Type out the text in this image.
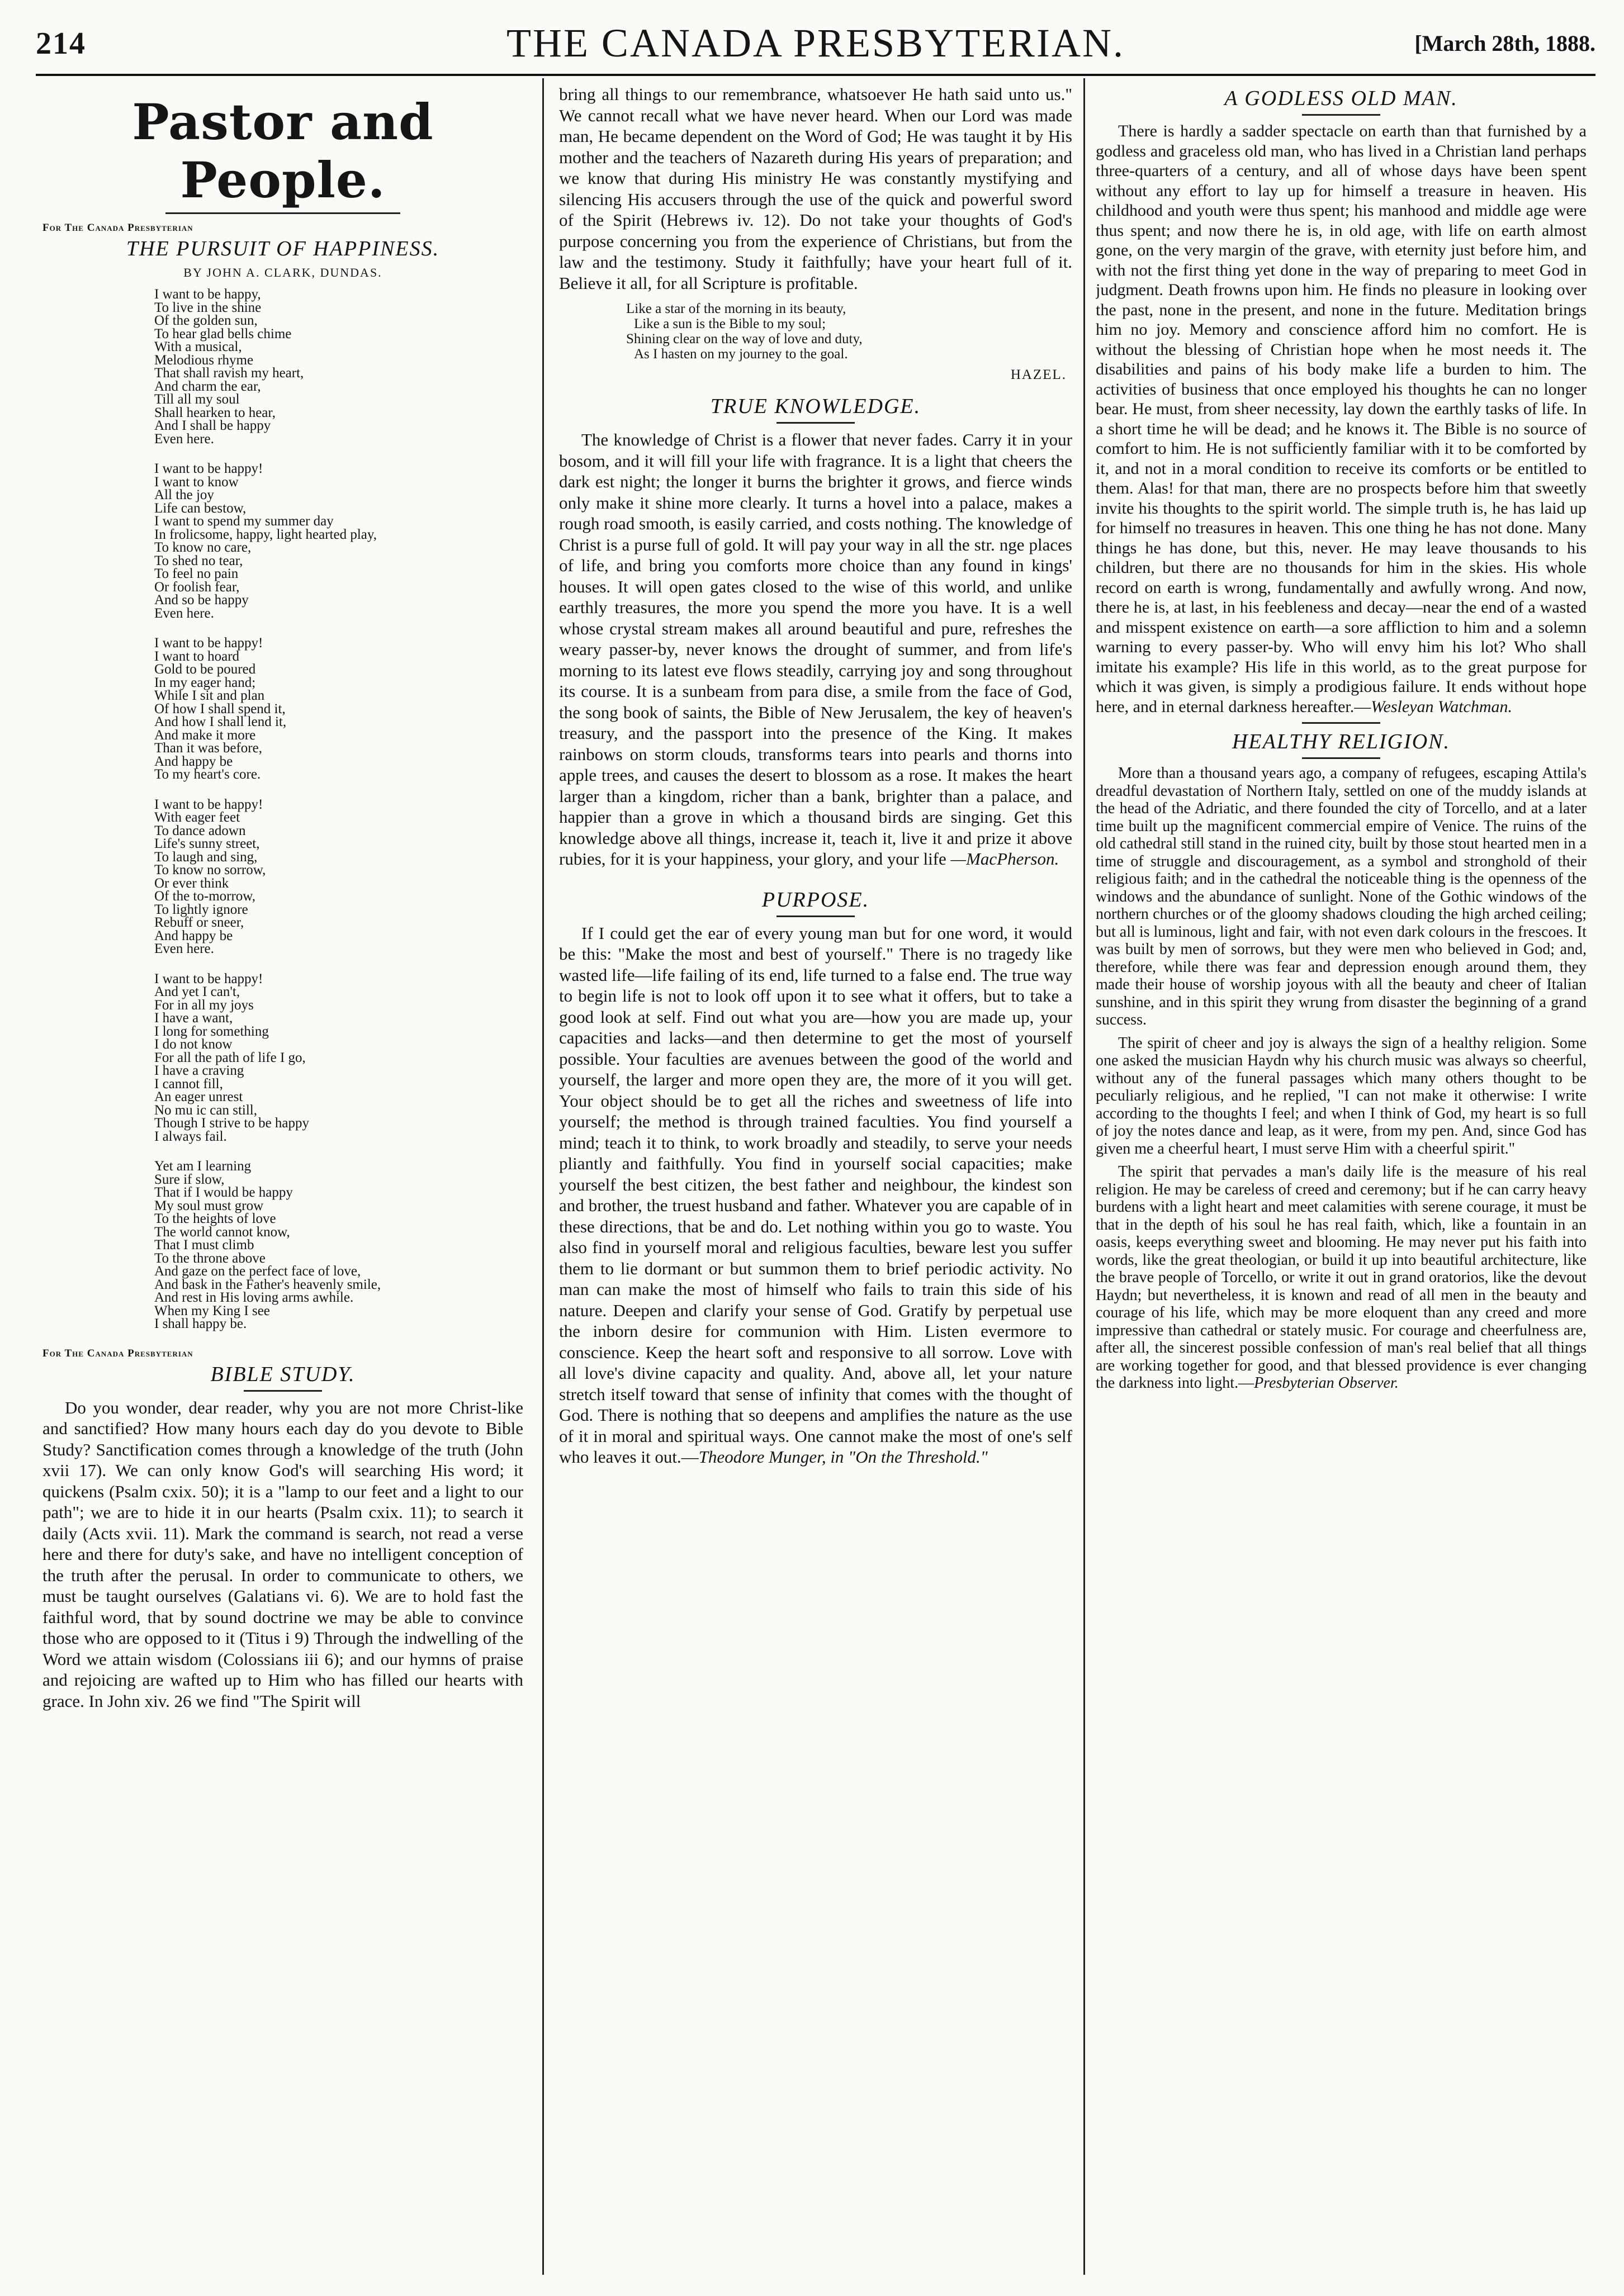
214	THE CANADA PRESBYTERIAN.	[March 28th, 1888.
Pastor and People.
For The Canada Presbyterian
THE PURSUIT OF HAPPINESS.
BY JOHN A. CLARK, DUNDAS.
I want to be happy,
To live in the shine
Of the golden sun,
To hear glad bells chime
With a musical,
Melodious rhyme
That shall ravish my heart,
And charm the ear,
Till all my soul
Shall hearken to hear,
And I shall be happy
Even here.
I want to be happy!
I want to know
All the joy
Life can bestow,
I want to spend my summer day
In frolicsome, happy, light hearted play,
To know no care,
To shed no tear,
To feel no pain
Or foolish fear,
And so be happy
Even here.
I want to be happy!
I want to hoard
Gold to be poured
In my eager hand;
While I sit and plan
Of how I shall spend it,
And how I shall lend it,
And make it more
Than it was before,
And happy be
To my heart's core.
I want to be happy!
With eager feet
To dance adown
Life's sunny street,
To laugh and sing,
To know no sorrow,
Or ever think
Of the to-morrow,
To lightly ignore
Rebuff or sneer,
And happy be
Even here.
I want to be happy!
And yet I can't,
For in all my joys
I have a want,
I long for something
I do not know
For all the path of life I go,
I have a craving
I cannot fill,
An eager unrest
No mu ic can still,
Though I strive to be happy
I always fail.
Yet am I learning
Sure if slow,
That if I would be happy
My soul must grow
To the heights of love
The world cannot know,
That I must climb
To the throne above
And gaze on the perfect face of love,
And bask in the Father's heavenly smile,
And rest in His loving arms awhile.
When my King I see
I shall happy be.
For The Canada Presbyterian
BIBLE STUDY.

Do you wonder, dear reader, why you are not more Christ-like and sanctified? How many hours each day do you devote to Bible Study? Sanctification comes through a knowledge of the truth (John xvii 17). We can only know God's will searching His word; it quickens (Psalm cxix. 50); it is a "lamp to our feet and a light to our path"; we are to hide it in our hearts (Psalm cxix. 11); to search it daily (Acts xvii. 11). Mark the command is search, not read a verse here and there for duty's sake, and have no intelligent conception of the truth after the perusal. In order to communicate to others, we must be taught ourselves (Galatians vi. 6). We are to hold fast the faithful word, that by sound doctrine we may be able to convince those who are opposed to it (Titus i 9) Through the indwelling of the Word we attain wisdom (Colossians iii 6); and our hymns of praise and rejoicing are wafted up to Him who has filled our hearts with grace. In John xiv. 26 we find "The Spirit will

bring all things to our remembrance, whatsoever He hath said unto us." We cannot recall what we have never heard. When our Lord was made man, He became dependent on the Word of God; He was taught it by His mother and the teachers of Nazareth during His years of preparation; and we know that during His ministry He was constantly mystifying and silencing His accusers through the use of the quick and powerful sword of the Spirit (Hebrews iv. 12). Do not take your thoughts of God's purpose concerning you from the experience of Christians, but from the law and the testimony. Study it faithfully; have your heart full of it. Believe it all, for all Scripture is profitable.

Like a star of the morning in its beauty,
Like a sun is the Bible to my soul;
Shining clear on the way of love and duty,
As I hasten on my journey to the goal.
HAZEL.
TRUE KNOWLEDGE.

The knowledge of Christ is a flower that never fades. Carry it in your bosom, and it will fill your life with fragrance. It is a light that cheers the dark est night; the longer it burns the brighter it grows, and fierce winds only make it shine more clearly. It turns a hovel into a palace, makes a rough road smooth, is easily carried, and costs nothing. The knowledge of Christ is a purse full of gold. It will pay your way in all the str. nge places of life, and bring you comforts more choice than any found in kings' houses. It will open gates closed to the wise of this world, and unlike earthly treasures, the more you spend the more you have. It is a well whose crystal stream makes all around beautiful and pure, refreshes the weary passer-by, never knows the drought of summer, and from life's morning to its latest eve flows steadily, carrying joy and song throughout its course. It is a sunbeam from para dise, a smile from the face of God, the song book of saints, the Bible of New Jerusalem, the key of heaven's treasury, and the passport into the presence of the King. It makes rainbows on storm clouds, transforms tears into pearls and thorns into apple trees, and causes the desert to blossom as a rose. It makes the heart larger than a kingdom, richer than a bank, brighter than a palace, and happier than a grove in which a thousand birds are singing. Get this knowledge above all things, increase it, teach it, live it and prize it above rubies, for it is your happiness, your glory, and your life —MacPherson.

PURPOSE.

If I could get the ear of every young man but for one word, it would be this: "Make the most and best of yourself." There is no tragedy like wasted life—life failing of its end, life turned to a false end. The true way to begin life is not to look off upon it to see what it offers, but to take a good look at self. Find out what you are—how you are made up, your capacities and lacks—and then determine to get the most of yourself possible. Your faculties are avenues between the good of the world and yourself, the larger and more open they are, the more of it you will get. Your object should be to get all the riches and sweetness of life into yourself; the method is through trained faculties. You find yourself a mind; teach it to think, to work broadly and steadily, to serve your needs pliantly and faithfully. You find in yourself social capacities; make yourself the best citizen, the best father and neighbour, the kindest son and brother, the truest husband and father. Whatever you are capable of in these directions, that be and do. Let nothing within you go to waste. You also find in yourself moral and religious faculties, beware lest you suffer them to lie dormant or but summon them to brief periodic activity. No man can make the most of himself who fails to train this side of his nature. Deepen and clarify your sense of God. Gratify by perpetual use the inborn desire for communion with Him. Listen evermore to conscience. Keep the heart soft and responsive to all sorrow. Love with all love's divine capacity and quality. And, above all, let your nature stretch itself toward that sense of infinity that comes with the thought of God. There is nothing that so deepens and amplifies the nature as the use of it in moral and spiritual ways. One cannot make the most of one's self who leaves it out.—Theodore Munger, in "On the Threshold."

A GODLESS OLD MAN.

There is hardly a sadder spectacle on earth than that furnished by a godless and graceless old man, who has lived in a Christian land perhaps three-quarters of a century, and all of whose days have been spent without any effort to lay up for himself a treasure in heaven. His childhood and youth were thus spent; his manhood and middle age were thus spent; and now there he is, in old age, with life on earth almost gone, on the very margin of the grave, with eternity just before him, and with not the first thing yet done in the way of preparing to meet God in judgment. Death frowns upon him. He finds no pleasure in looking over the past, none in the present, and none in the future. Meditation brings him no joy. Memory and conscience afford him no comfort. He is without the blessing of Christian hope when he most needs it. The disabilities and pains of his body make life a burden to him. The activities of business that once employed his thoughts he can no longer bear. He must, from sheer necessity, lay down the earthly tasks of life. In a short time he will be dead; and he knows it. The Bible is no source of comfort to him. He is not sufficiently familiar with it to be comforted by it, and not in a moral condition to receive its comforts or be entitled to them. Alas! for that man, there are no prospects before him that sweetly invite his thoughts to the spirit world. The simple truth is, he has laid up for himself no treasures in heaven. This one thing he has not done. Many things he has done, but this, never. He may leave thousands to his children, but there are no thousands for him in the skies. His whole record on earth is wrong, fundamentally and awfully wrong. And now, there he is, at last, in his feebleness and decay—near the end of a wasted and misspent existence on earth—a sore affliction to him and a solemn warning to every passer-by. Who will envy him his lot? Who shall imitate his example? His life in this world, as to the great purpose for which it was given, is simply a prodigious failure. It ends without hope here, and in eternal darkness hereafter.—Wesleyan Watchman.

HEALTHY RELIGION.

More than a thousand years ago, a company of refugees, escaping Attila's dreadful devastation of Northern Italy, settled on one of the muddy islands at the head of the Adriatic, and there founded the city of Torcello, and at a later time built up the magnificent commercial empire of Venice. The ruins of the old cathedral still stand in the ruined city, built by those stout hearted men in a time of struggle and discouragement, as a symbol and stronghold of their religious faith; and in the cathedral the noticeable thing is the openness of the windows and the abundance of sunlight. None of the Gothic windows of the northern churches or of the gloomy shadows clouding the high arched ceiling; but all is luminous, light and fair, with not even dark colours in the frescoes. It was built by men of sorrows, but they were men who believed in God; and, therefore, while there was fear and depression enough around them, they made their house of worship joyous with all the beauty and cheer of Italian sunshine, and in this spirit they wrung from disaster the beginning of a grand success.

The spirit of cheer and joy is always the sign of a healthy religion. Some one asked the musician Haydn why his church music was always so cheerful, without any of the funeral passages which many others thought to be peculiarly religious, and he replied, "I can not make it otherwise: I write according to the thoughts I feel; and when I think of God, my heart is so full of joy the notes dance and leap, as it were, from my pen. And, since God has given me a cheerful heart, I must serve Him with a cheerful spirit."

The spirit that pervades a man's daily life is the measure of his real religion. He may be careless of creed and ceremony; but if he can carry heavy burdens with a light heart and meet calamities with serene courage, it must be that in the depth of his soul he has real faith, which, like a fountain in an oasis, keeps everything sweet and blooming. He may never put his faith into words, like the great theologian, or build it up into beautiful architecture, like the brave people of Torcello, or write it out in grand oratorios, like the devout Haydn; but nevertheless, it is known and read of all men in the beauty and courage of his life, which may be more eloquent than any creed and more impressive than cathedral or stately music. For courage and cheerfulness are, after all, the sincerest possible confession of man's real belief that all things are working together for good, and that blessed providence is ever changing the darkness into light.—Presbyterian Observer.
